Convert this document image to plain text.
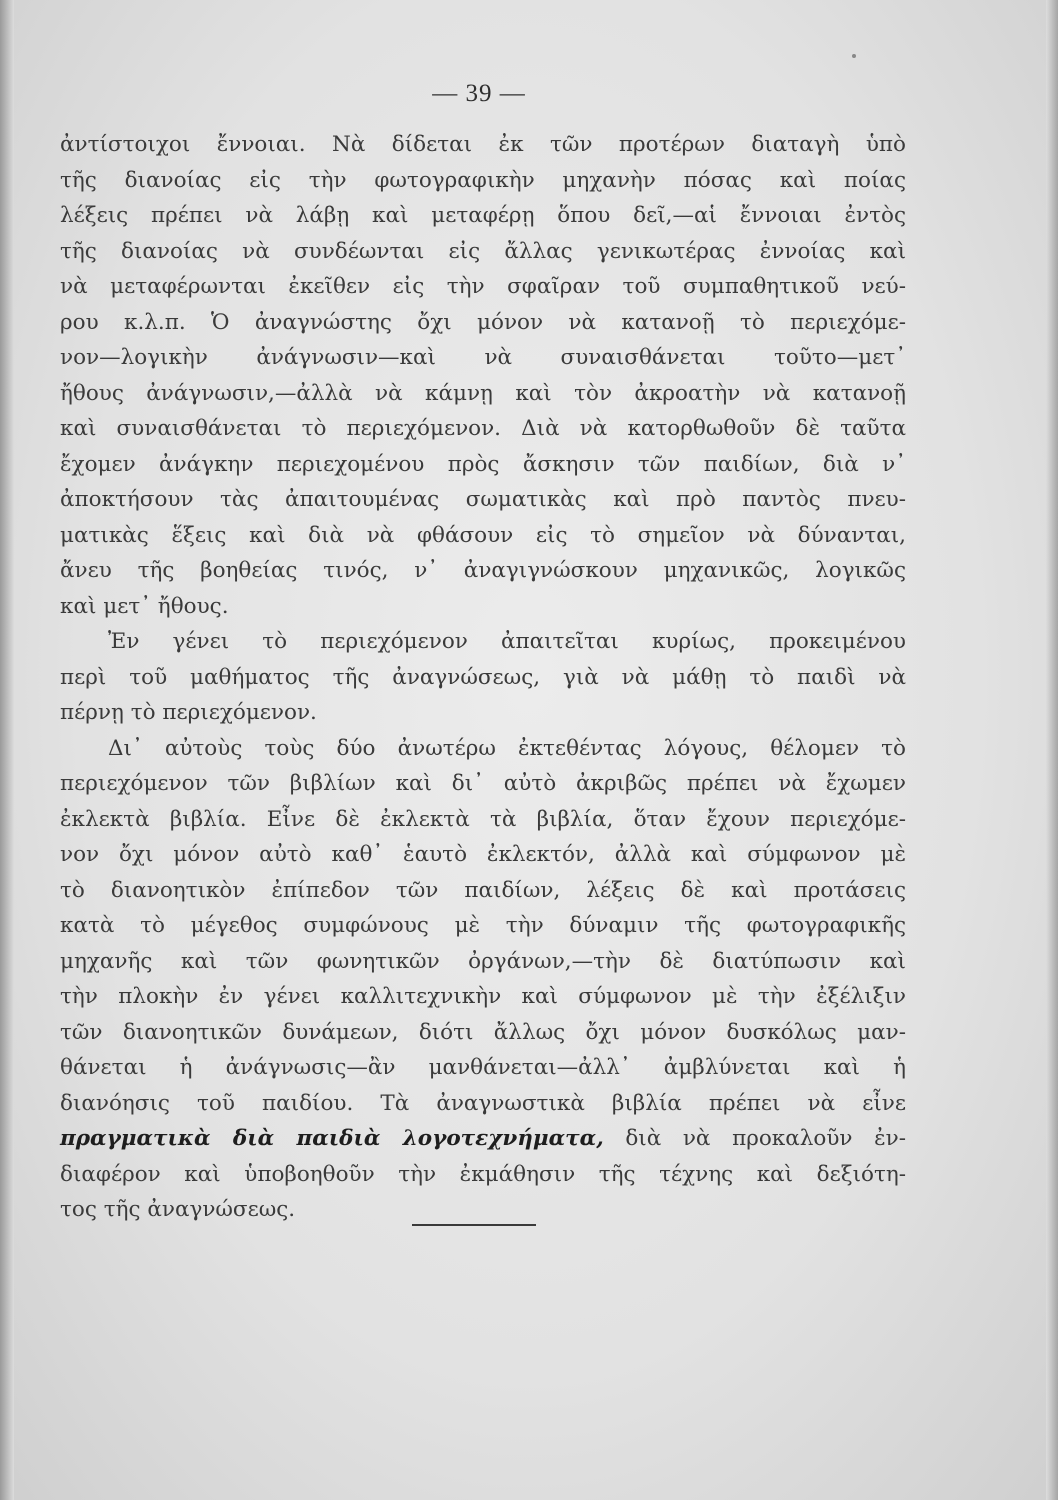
— 39 —
ἀντίστοιχοι ἔννοιαι. Νὰ δίδεται ἐκ τῶν προτέρων διαταγὴ ὑπὸ
τῆς διανοίας εἰς τὴν φωτογραφικὴν μηχανὴν πόσας καὶ ποίας
λέξεις πρέπει νὰ λάβῃ καὶ μεταφέρῃ ὅπου δεῖ,—αἱ ἔννοιαι ἐντὸς
τῆς διανοίας νὰ συνδέωνται εἰς ἄλλας γενικωτέρας ἐννοίας καὶ
νὰ μεταφέρωνται ἐκεῖθεν εἰς τὴν σφαῖραν τοῦ συμπαθητικοῦ νεύ-
ρου κ.λ.π. Ὁ ἀναγνώστης ὄχι μόνον νὰ κατανοῇ τὸ περιεχόμε-
νον—λογικὴν ἀνάγνωσιν—καὶ νὰ συναισθάνεται τοῦτο—μετ᾽
ἤθους ἀνάγνωσιν,—ἀλλὰ νὰ κάμνῃ καὶ τὸν ἀκροατὴν νὰ κατανοῇ
καὶ συναισθάνεται τὸ περιεχόμενον. Διὰ νὰ κατορθωθοῦν δὲ ταῦτα
ἔχομεν ἀνάγκην περιεχομένου πρὸς ἄσκησιν τῶν παιδίων, διὰ ν᾽
ἀποκτήσουν τὰς ἀπαιτουμένας σωματικὰς καὶ πρὸ παντὸς πνευ-
ματικὰς ἕξεις καὶ διὰ νὰ φθάσουν εἰς τὸ σημεῖον νὰ δύνανται,
ἄνευ τῆς βοηθείας τινός, ν᾽ ἀναγιγνώσκουν μηχανικῶς, λογικῶς
καὶ μετ᾽ ἤθους.
Ἐν γένει τὸ περιεχόμενον ἀπαιτεῖται κυρίως, προκειμένου
περὶ τοῦ μαθήματος τῆς ἀναγνώσεως, γιὰ νὰ μάθῃ τὸ παιδὶ νὰ
πέρνῃ τὸ περιεχόμενον.
Δι᾽ αὐτοὺς τοὺς δύο ἀνωτέρω ἐκτεθέντας λόγους, θέλομεν τὸ
περιεχόμενον τῶν βιβλίων καὶ δι᾽ αὐτὸ ἀκριβῶς πρέπει νὰ ἔχωμεν
ἐκλεκτὰ βιβλία. Εἶνε δὲ ἐκλεκτὰ τὰ βιβλία, ὅταν ἔχουν περιεχόμε-
νον ὄχι μόνον αὐτὸ καθ᾽ ἑαυτὸ ἐκλεκτόν, ἀλλὰ καὶ σύμφωνον μὲ
τὸ διανοητικὸν ἐπίπεδον τῶν παιδίων, λέξεις δὲ καὶ προτάσεις
κατὰ τὸ μέγεθος συμφώνους μὲ τὴν δύναμιν τῆς φωτογραφικῆς
μηχανῆς καὶ τῶν φωνητικῶν ὀργάνων,—τὴν δὲ διατύπωσιν καὶ
τὴν πλοκὴν ἐν γένει καλλιτεχνικὴν καὶ σύμφωνον μὲ τὴν ἐξέλιξιν
τῶν διανοητικῶν δυνάμεων, διότι ἄλλως ὄχι μόνον δυσκόλως μαν-
θάνεται ἡ ἀνάγνωσις—ἂν μανθάνεται—ἀλλ᾽ ἀμβλύνεται καὶ ἡ
διανόησις τοῦ παιδίου. Τὰ ἀναγνωστικὰ βιβλία πρέπει νὰ εἶνε
πραγματικὰ διὰ παιδιὰ λογοτεχνήματα, διὰ νὰ προκαλοῦν ἐν-
διαφέρον καὶ ὑποβοηθοῦν τὴν ἐκμάθησιν τῆς τέχνης καὶ δεξιότη-
τος τῆς ἀναγνώσεως.
